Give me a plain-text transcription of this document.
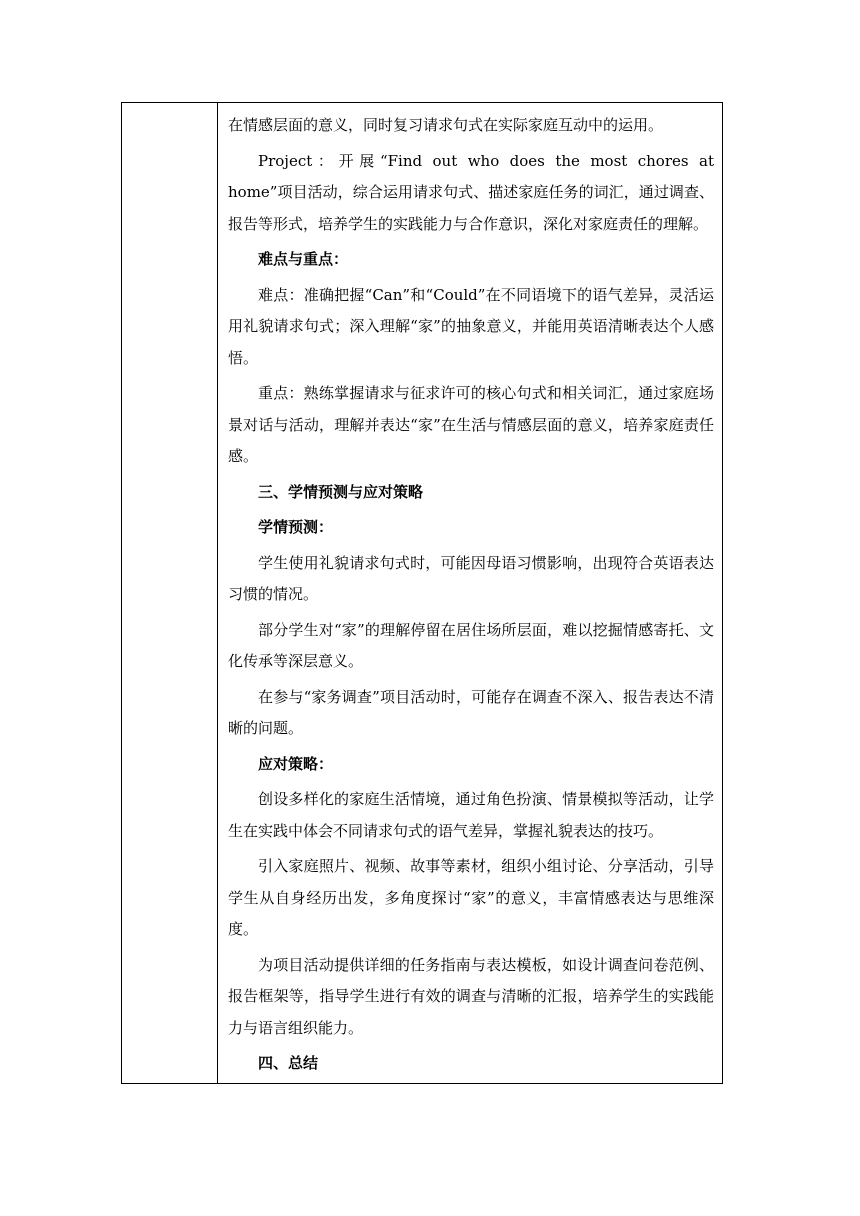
在情感层面的意义，同时复习请求句式在实际家庭互动中的运用。

Project：开展“Find out who does the most chores at home”项目活动，综合运用请求句式、描述家庭任务的词汇，通过调查、报告等形式，培养学生的实践能力与合作意识，深化对家庭责任的理解。

难点与重点：

难点：准确把握“Can”和“Could”在不同语境下的语气差异，灵活运用礼貌请求句式；深入理解“家”的抽象意义，并能用英语清晰表达个人感悟。

重点：熟练掌握请求与征求许可的核心句式和相关词汇，通过家庭场景对话与活动，理解并表达“家”在生活与情感层面的意义，培养家庭责任感。

三、学情预测与应对策略

学情预测：

学生使用礼貌请求句式时，可能因母语习惯影响，出现符合英语表达习惯的情况。

部分学生对“家”的理解停留在居住场所层面，难以挖掘情感寄托、文化传承等深层意义。

在参与“家务调查”项目活动时，可能存在调查不深入、报告表达不清晰的问题。

应对策略：

创设多样化的家庭生活情境，通过角色扮演、情景模拟等活动，让学生在实践中体会不同请求句式的语气差异，掌握礼貌表达的技巧。

引入家庭照片、视频、故事等素材，组织小组讨论、分享活动，引导学生从自身经历出发，多角度探讨“家”的意义，丰富情感表达与思维深度。

为项目活动提供详细的任务指南与表达模板，如设计调查问卷范例、报告框架等，指导学生进行有效的调查与清晰的汇报，培养学生的实践能力与语言组织能力。

四、总结
